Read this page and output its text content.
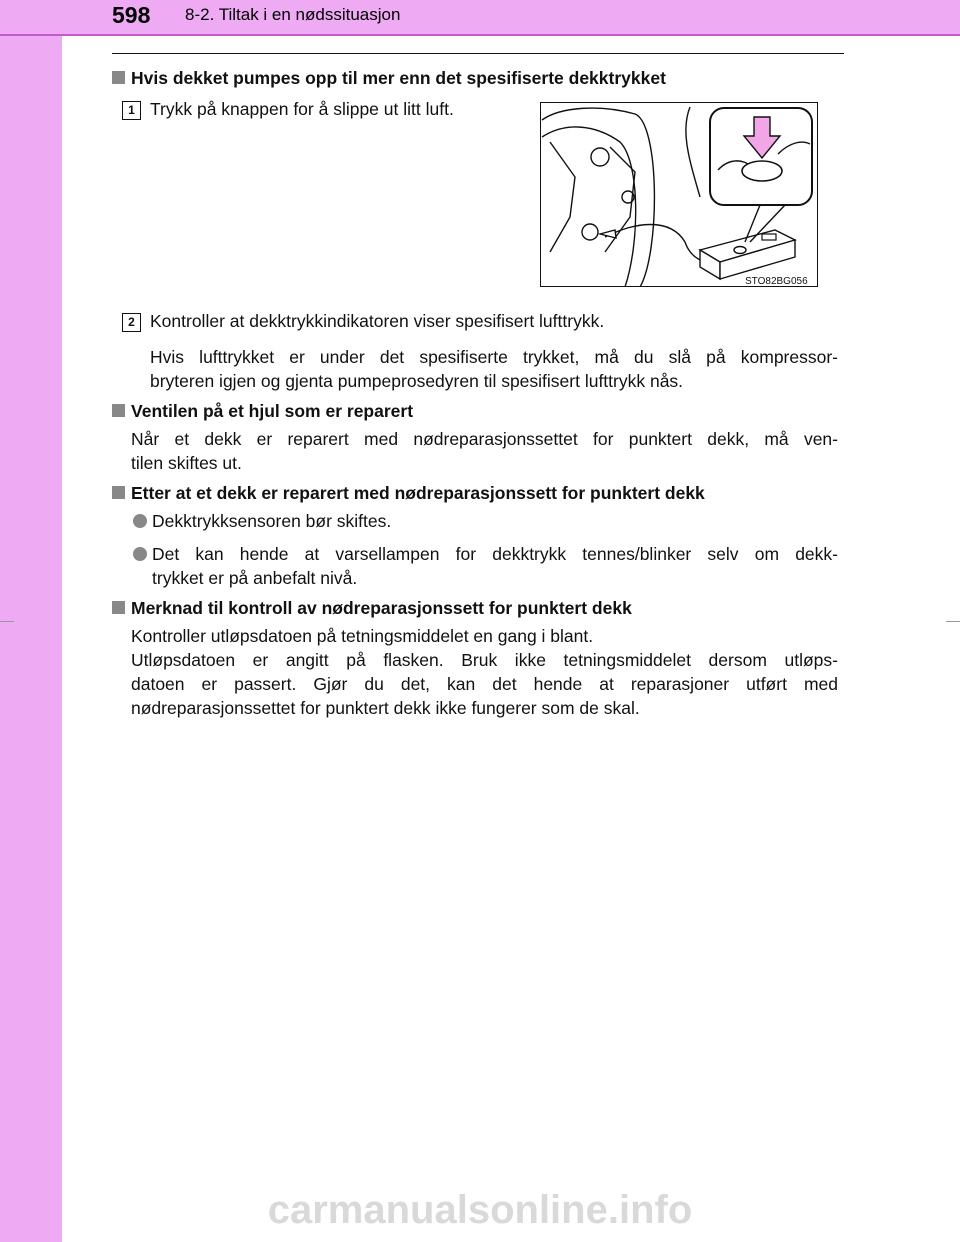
598 8-2. Tiltak i en nødssituasjon
Hvis dekket pumpes opp til mer enn det spesifiserte dekktrykket
1 Trykk på knappen for å slippe ut litt luft.
STO82BG056
2 Kontroller at dekktrykkindikatoren viser spesifisert lufttrykk.
Hvis lufttrykket er under det spesifiserte trykket, må du slå på kompressor-
bryteren igjen og gjenta pumpeprosedyren til spesifisert lufttrykk nås.
Ventilen på et hjul som er reparert
Når et dekk er reparert med nødreparasjonssettet for punktert dekk, må ven-
tilen skiftes ut.
Etter at et dekk er reparert med nødreparasjonssett for punktert dekk
Dekktrykksensoren bør skiftes.
Det kan hende at varsellampen for dekktrykk tennes/blinker selv om dekk-
trykket er på anbefalt nivå.
Merknad til kontroll av nødreparasjonssett for punktert dekk
Kontroller utløpsdatoen på tetningsmiddelet en gang i blant.
Utløpsdatoen er angitt på flasken. Bruk ikke tetningsmiddelet dersom utløps-
datoen er passert. Gjør du det, kan det hende at reparasjoner utført med
nødreparasjonssettet for punktert dekk ikke fungerer som de skal.
carmanualsonline.info
